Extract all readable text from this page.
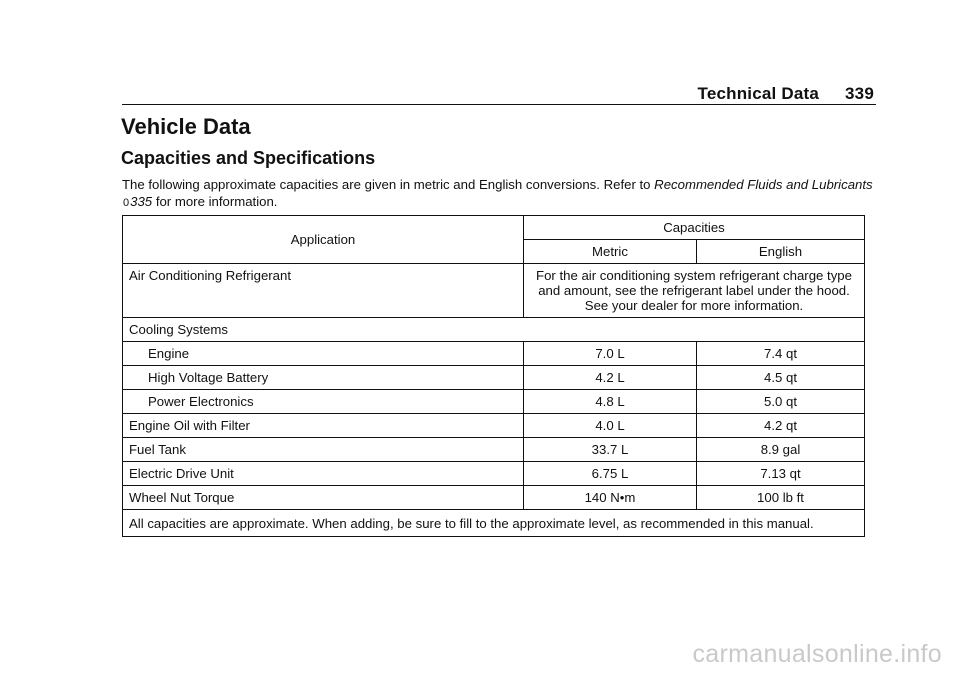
Technical Data 339
Vehicle Data
Capacities and Specifications

The following approximate capacities are given in metric and English conversions. Refer to Recommended Fluids and Lubricants 0335 for more information.

Application	Capacities	
	Metric	English
Air Conditioning Refrigerant	For the air conditioning system refrigerant charge type and amount, see the refrigerant label under the hood. See your dealer for more information.	
Cooling Systems		
Engine	7.0 L	7.4 qt
High Voltage Battery	4.2 L	4.5 qt
Power Electronics	4.8 L	5.0 qt
Engine Oil with Filter	4.0 L	4.2 qt
Fuel Tank	33.7 L	8.9 gal
Electric Drive Unit	6.75 L	7.13 qt
Wheel Nut Torque	140 N•m	100 lb ft
All capacities are approximate. When adding, be sure to fill to the approximate level, as recommended in this manual.		
carmanualsonline.info
